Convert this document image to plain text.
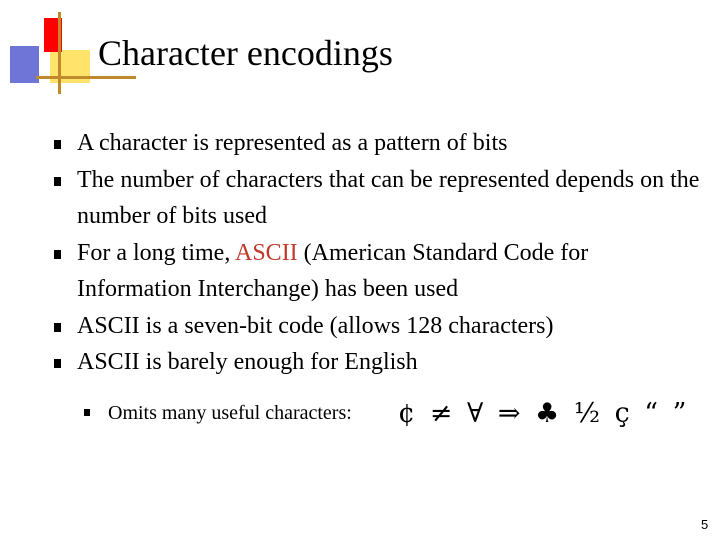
Character encodings
A character is represented as a pattern of bits
The number of characters that can be represented depends on the number of bits used
For a long time, ASCII (American Standard Code for Information Interchange) has been used
ASCII is a seven-bit code (allows 128 characters)
ASCII is barely enough for English
Omits many useful characters: ¢ ≠ ∀ ⇒ ♣ ½ ç “ ”
5
